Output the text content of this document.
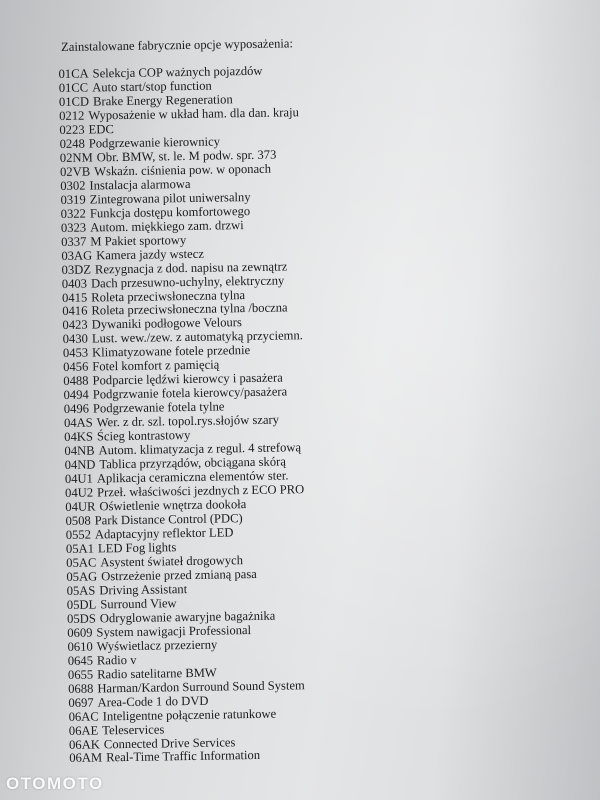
Zainstalowane fabrycznie opcje wyposażenia:
01CA Selekcja COP ważnych pojazdów
01CC Auto start/stop function
01CD Brake Energy Regeneration
0212 Wyposażenie w układ ham. dla dan. kraju
0223 EDC
0248 Podgrzewanie kierownicy
02NM Obr. BMW, st. le. M podw. spr. 373
02VB Wskaźn. ciśnienia pow. w oponach
0302 Instalacja alarmowa
0319 Zintegrowana pilot uniwersalny
0322 Funkcja dostępu komfortowego
0323 Autom. miękkiego zam. drzwi
0337 M Pakiet sportowy
03AG Kamera jazdy wstecz
03DZ Rezygnacja z dod. napisu na zewnątrz
0403 Dach przesuwno-uchylny, elektryczny
0415 Roleta przeciwsłoneczna tylna
0416 Roleta przeciwsłoneczna tylna /boczna
0423 Dywaniki podłogowe Velours
0430 Lust. wew./zew. z automatyką przyciemn.
0453 Klimatyzowane fotele przednie
0456 Fotel komfort z pamięcią
0488 Podparcie lędźwi kierowcy i pasażera
0494 Podgrzwanie fotela kierowcy/pasażera
0496 Podgrzewanie fotela tylne
04AS Wer. z dr. szl. topol.rys.słojów szary
04KS Ścieg kontrastowy
04NB Autom. klimatyzacja z regul. 4 strefową
04ND Tablica przyrządów, obciągana skórą
04U1 Aplikacja ceramiczna elementów ster.
04U2 Przeł. właściwości jezdnych z ECO PRO
04UR Oświetlenie wnętrza dookoła
0508 Park Distance Control (PDC)
0552 Adaptacyjny reflektor LED
05A1 LED Fog lights
05AC Asystent świateł drogowych
05AG Ostrzeżenie przed zmianą pasa
05AS Driving Assistant
05DL Surround View
05DS Odryglowanie awaryjne bagażnika
0609 System nawigacji Professional
0610 Wyświetlacz przezierny
0645 Radio v
0655 Radio satelitarne BMW
0688 Harman/Kardon Surround Sound System
0697 Area-Code 1 do DVD
06AC Inteligentne połączenie ratunkowe
06AE Teleservices
06AK Connected Drive Services
06AM Real-Time Traffic Information
OTOMOTO
